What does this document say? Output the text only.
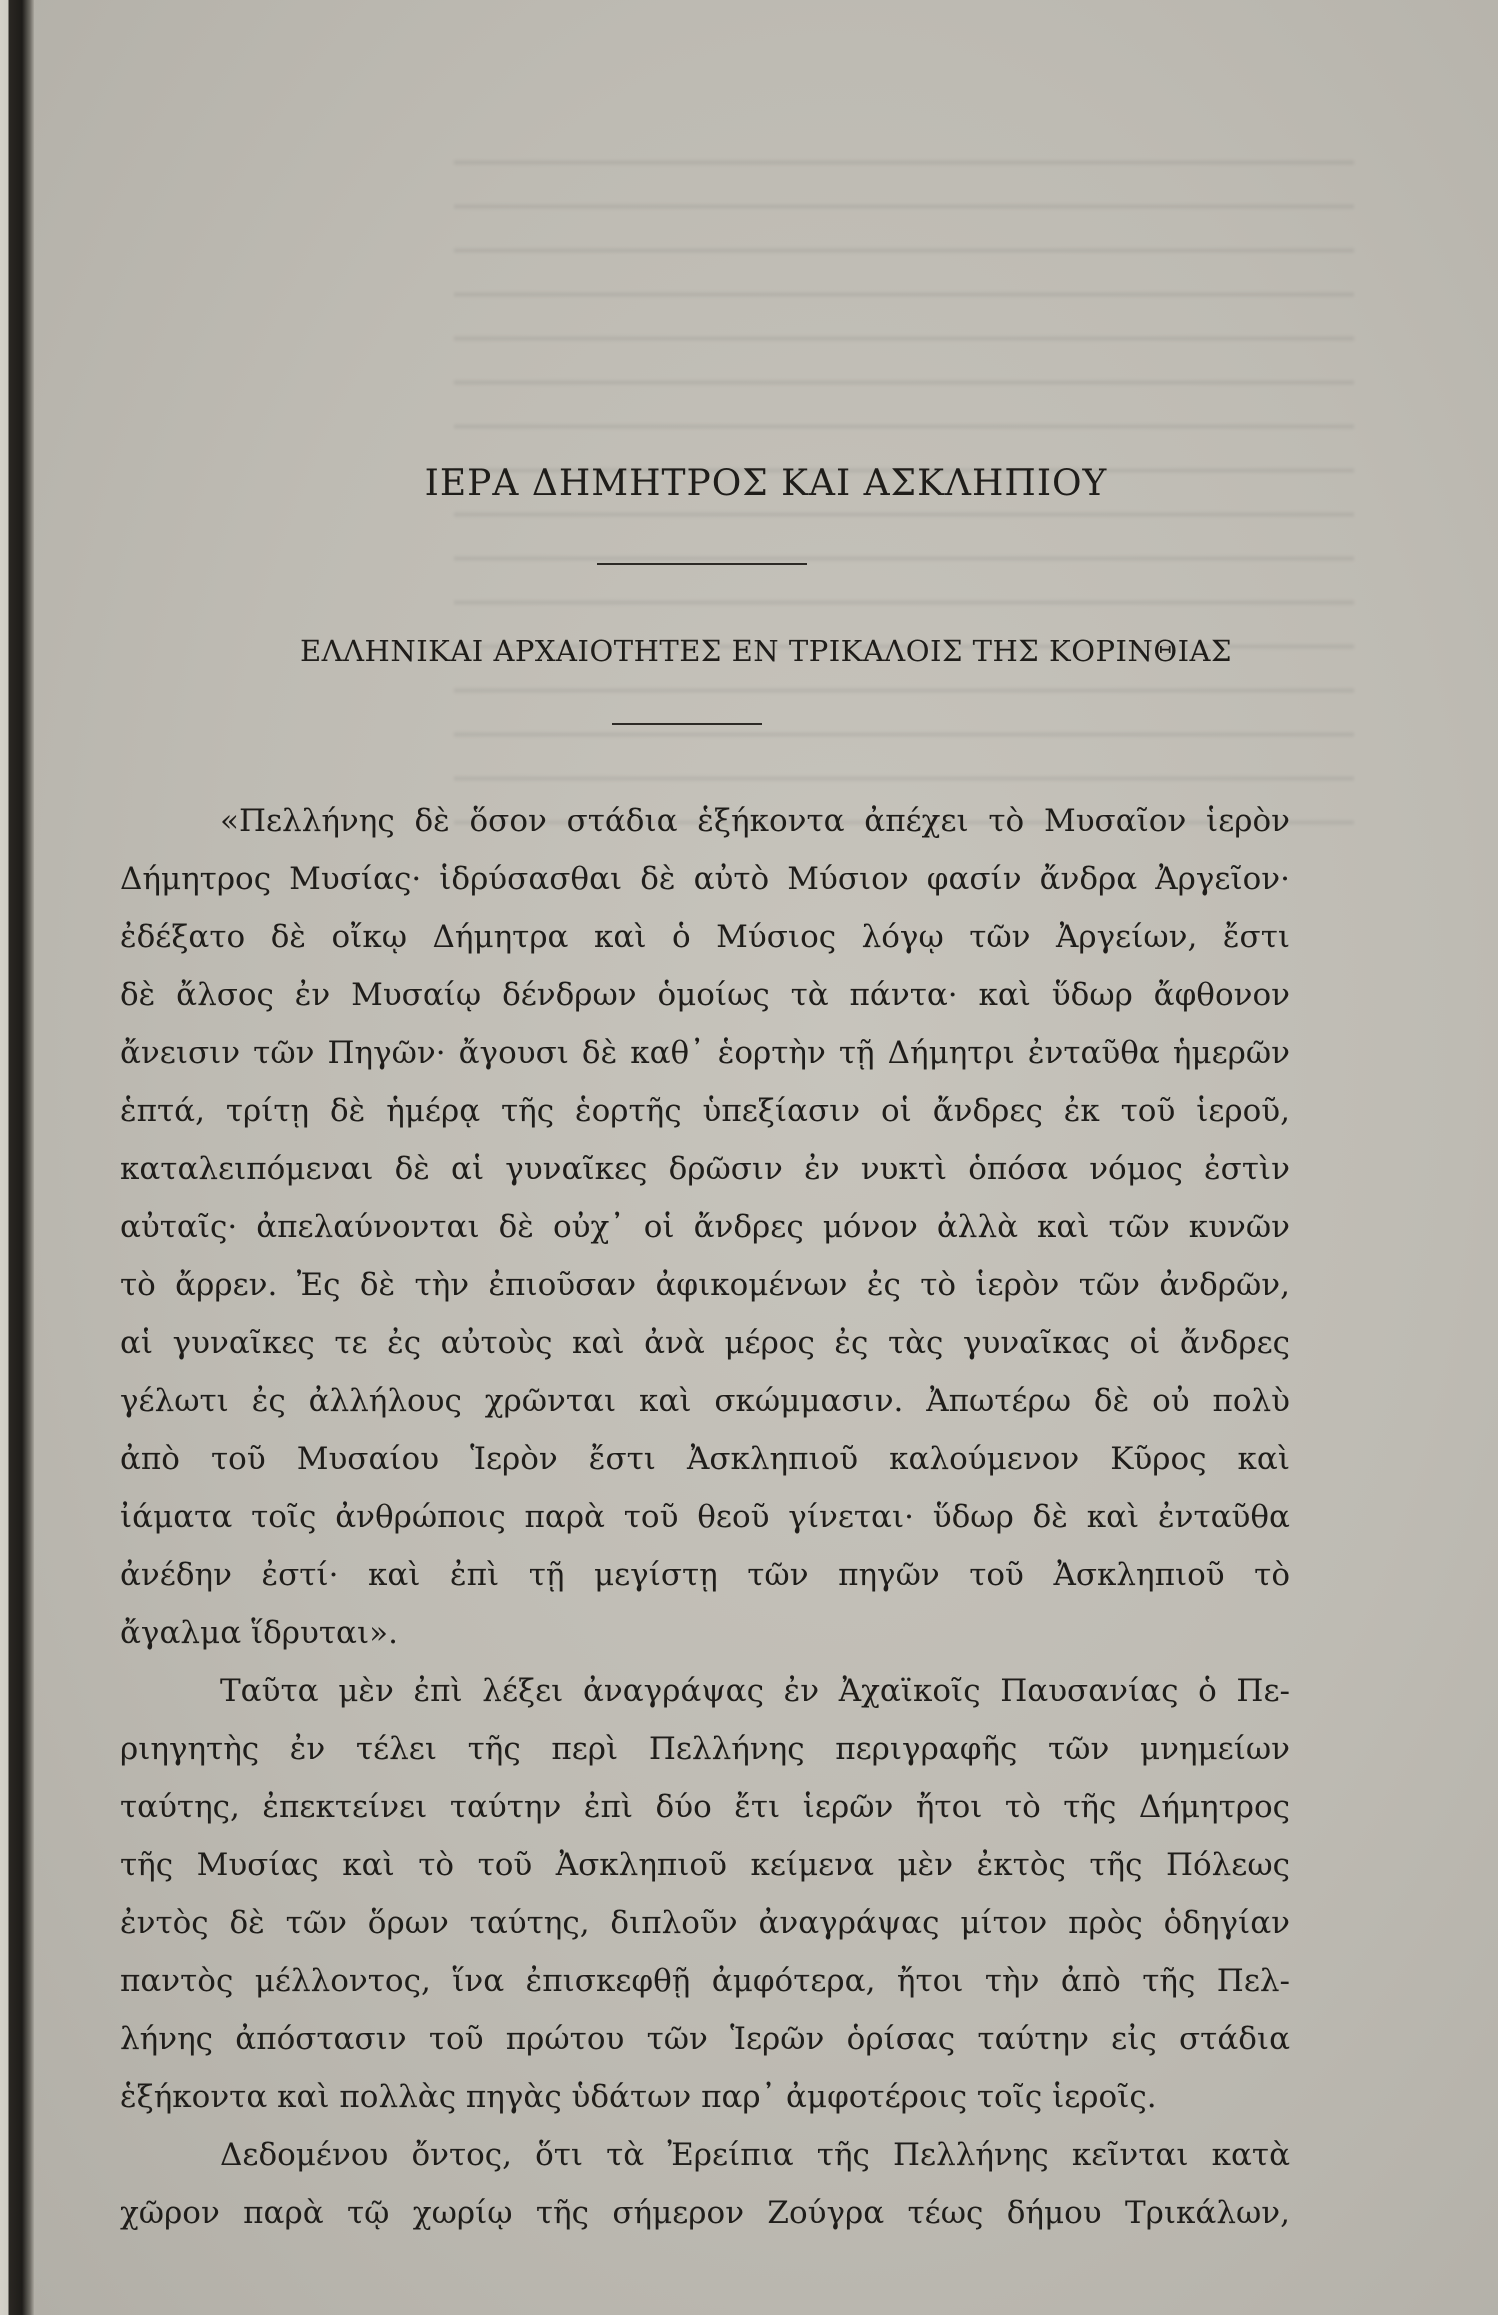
ΙΕΡΑ ΔΗΜΗΤΡΟΣ ΚΑΙ ΑΣΚΛΗΠΙΟΥ
ΕΛΛΗΝΙΚΑΙ ΑΡΧΑΙΟΤΗΤΕΣ ΕΝ ΤΡΙΚΑΛΟΙΣ ΤΗΣ ΚΟΡΙΝΘΙΑΣ
«Πελλήνης δὲ ὅσον στάδια ἑξήκοντα ἀπέχει τὸ Μυσαῖον ἱερὸν
Δήμητρος Μυσίας· ἱδρύσασθαι δὲ αὐτὸ Μύσιον φασίν ἄνδρα Ἀργεῖον·
ἐδέξατο δὲ οἴκῳ Δήμητρα καὶ ὁ Μύσιος λόγῳ τῶν Ἀργείων, ἔστι
δὲ ἄλσος ἐν Μυσαίῳ δένδρων ὁμοίως τὰ πάντα· καὶ ὕδωρ ἄφθονον
ἄνεισιν τῶν Πηγῶν· ἄγουσι δὲ καθ᾽ ἑορτὴν τῇ Δήμητρι ἐνταῦθα ἡμερῶν
ἑπτά, τρίτῃ δὲ ἡμέρᾳ τῆς ἑορτῆς ὑπεξίασιν οἱ ἄνδρες ἐκ τοῦ ἱεροῦ,
καταλειπόμεναι δὲ αἱ γυναῖκες δρῶσιν ἐν νυκτὶ ὁπόσα νόμος ἐστὶν
αὐταῖς· ἀπελαύνονται δὲ οὐχ᾽ οἱ ἄνδρες μόνον ἀλλὰ καὶ τῶν κυνῶν
τὸ ἄρρεν. Ἐς δὲ τὴν ἐπιοῦσαν ἀφικομένων ἐς τὸ ἱερὸν τῶν ἀνδρῶν,
αἱ γυναῖκες τε ἐς αὐτοὺς καὶ ἀνὰ μέρος ἐς τὰς γυναῖκας οἱ ἄνδρες
γέλωτι ἐς ἀλλήλους χρῶνται καὶ σκώμμασιν. Ἀπωτέρω δὲ οὐ πολὺ
ἀπὸ τοῦ Μυσαίου Ἱερὸν ἔστι Ἀσκληπιοῦ καλούμενον Κῦρος καὶ
ἰάματα τοῖς ἀνθρώποις παρὰ τοῦ θεοῦ γίνεται· ὕδωρ δὲ καὶ ἐνταῦθα
ἀνέδην ἐστί· καὶ ἐπὶ τῇ μεγίστῃ τῶν πηγῶν τοῦ Ἀσκληπιοῦ τὸ
ἄγαλμα ἵδρυται».
Ταῦτα μὲν ἐπὶ λέξει ἀναγράψας ἐν Ἀχαϊκοῖς Παυσανίας ὁ Πε-
ριηγητὴς ἐν τέλει τῆς περὶ Πελλήνης περιγραφῆς τῶν μνημείων
ταύτης, ἐπεκτείνει ταύτην ἐπὶ δύο ἔτι ἱερῶν ἤτοι τὸ τῆς Δήμητρος
τῆς Μυσίας καὶ τὸ τοῦ Ἀσκληπιοῦ κείμενα μὲν ἐκτὸς τῆς Πόλεως
ἐντὸς δὲ τῶν ὅρων ταύτης, διπλοῦν ἀναγράψας μίτον πρὸς ὁδηγίαν
παντὸς μέλλοντος, ἵνα ἐπισκεφθῇ ἀμφότερα, ἤτοι τὴν ἀπὸ τῆς Πελ-
λήνης ἀπόστασιν τοῦ πρώτου τῶν Ἱερῶν ὁρίσας ταύτην εἰς στάδια
ἑξήκοντα καὶ πολλὰς πηγὰς ὑδάτων παρ᾽ ἀμφοτέροις τοῖς ἱεροῖς.
Δεδομένου ὄντος, ὅτι τὰ Ἐρείπια τῆς Πελλήνης κεῖνται κατὰ
χῶρον παρὰ τῷ χωρίῳ τῆς σήμερον Ζούγρα τέως δήμου Τρικάλων,
